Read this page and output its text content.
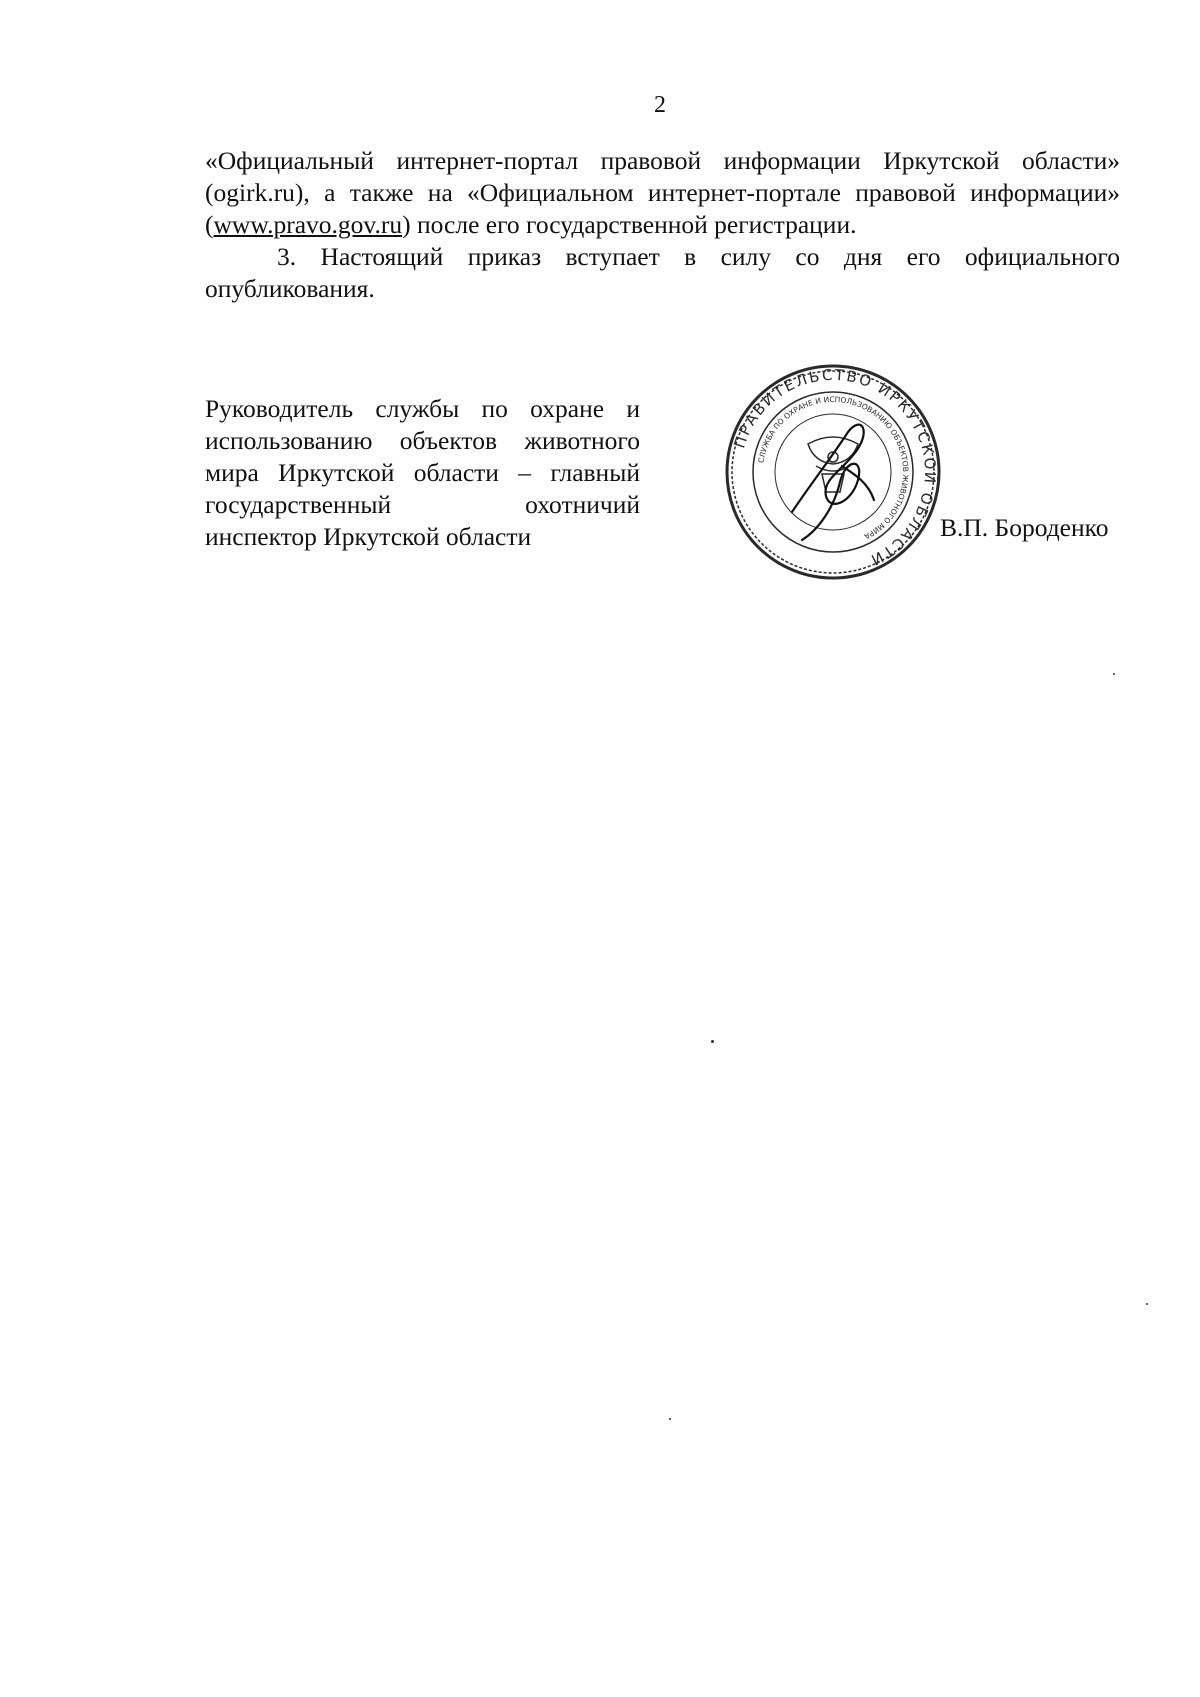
2

«Официальный интернет-портал правовой информации Иркутской области» (ogirk.ru), а также на «Официальном интернет-портале правовой информации» (www.pravo.gov.ru) после его государственной регистрации.

3. Настоящий приказ вступает в силу со дня его официального опубликования.

Руководитель службы по охране и
использованию объектов животного
мира Иркутской области – главный
государственный охотничий
инспектор Иркутской области
ПРАВИТЕЛЬСТВО ИРКУТСКОЙ ОБЛАСТИ
СЛУЖБА ПО ОХРАНЕ И ИСПОЛЬЗОВАНИЮ ОБЪЕКТОВ ЖИВОТНОГО МИРА	В.П. Бороденко
